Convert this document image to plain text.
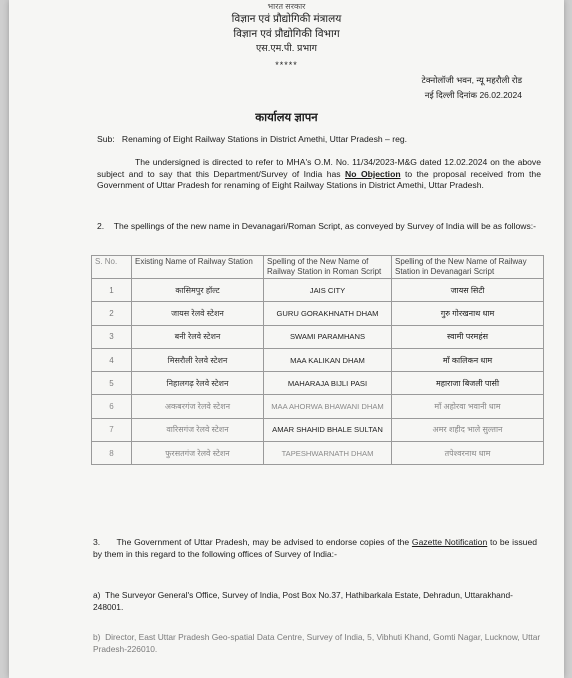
भारत सरकार
विज्ञान एवं प्रौद्योगिकी मंत्रालय
विज्ञान एवं प्रौद्योगिकी विभाग
एस.एम.पी. प्रभाग
*****
टेक्नोलॉजी भवन, न्यू महरौली रोड
नई दिल्ली दिनांक 26.02.2024
कार्यालय ज्ञापन

Sub: Renaming of Eight Railway Stations in District Amethi, Uttar Pradesh – reg.

The undersigned is directed to refer to MHA's O.M. No. 11/34/2023-M&G dated 12.02.2024 on the above subject and to say that this Department/Survey of India has No Objection to the proposal received from the Government of Uttar Pradesh for renaming of Eight Railway Stations in District Amethi, Uttar Pradesh.

2. The spellings of the new name in Devanagari/Roman Script, as conveyed by Survey of India will be as follows:-

S. No.	Existing Name of Railway Station	Spelling of the New Name of Railway Station in Roman Script	Spelling of the New Name of Railway Station in Devanagari Script
1	कासिमपुर हॉल्ट	JAIS CITY	जायस सिटी
2	जायस रेलवे स्टेशन	GURU GORAKHNATH DHAM	गुरु गोरखनाथ धाम
3	बनी रेलवे स्टेशन	SWAMI PARAMHANS	स्वामी परमहंस
4	मिसरौली रेलवे स्टेशन	MAA KALIKAN DHAM	माँ कालिकन धाम
5	निहालगढ़ रेलवे स्टेशन	MAHARAJA BIJLI PASI	महाराजा बिजली पासी
6	अकबरगंज रेलवे स्टेशन	MAA AHORWA BHAWANI DHAM	माँ अहोरवा भवानी धाम
7	वारिसगंज रेलवे स्टेशन	AMAR SHAHID BHALE SULTAN	अमर शहीद भाले सुल्तान
8	फुरसतगंज रेलवे स्टेशन	TAPESHWARNATH DHAM	तपेश्वरनाथ धाम

3. The Government of Uttar Pradesh, may be advised to endorse copies of the Gazette Notification to be issued by them in this regard to the following offices of Survey of India:-

a) The Surveyor General's Office, Survey of India, Post Box No.37, Hathibarkala Estate, Dehradun, Uttarakhand-248001.

b) Director, East Uttar Pradesh Geo-spatial Data Centre, Survey of India, 5, Vibhuti Khand, Gomti Nagar, Lucknow, Uttar Pradesh-226010.
